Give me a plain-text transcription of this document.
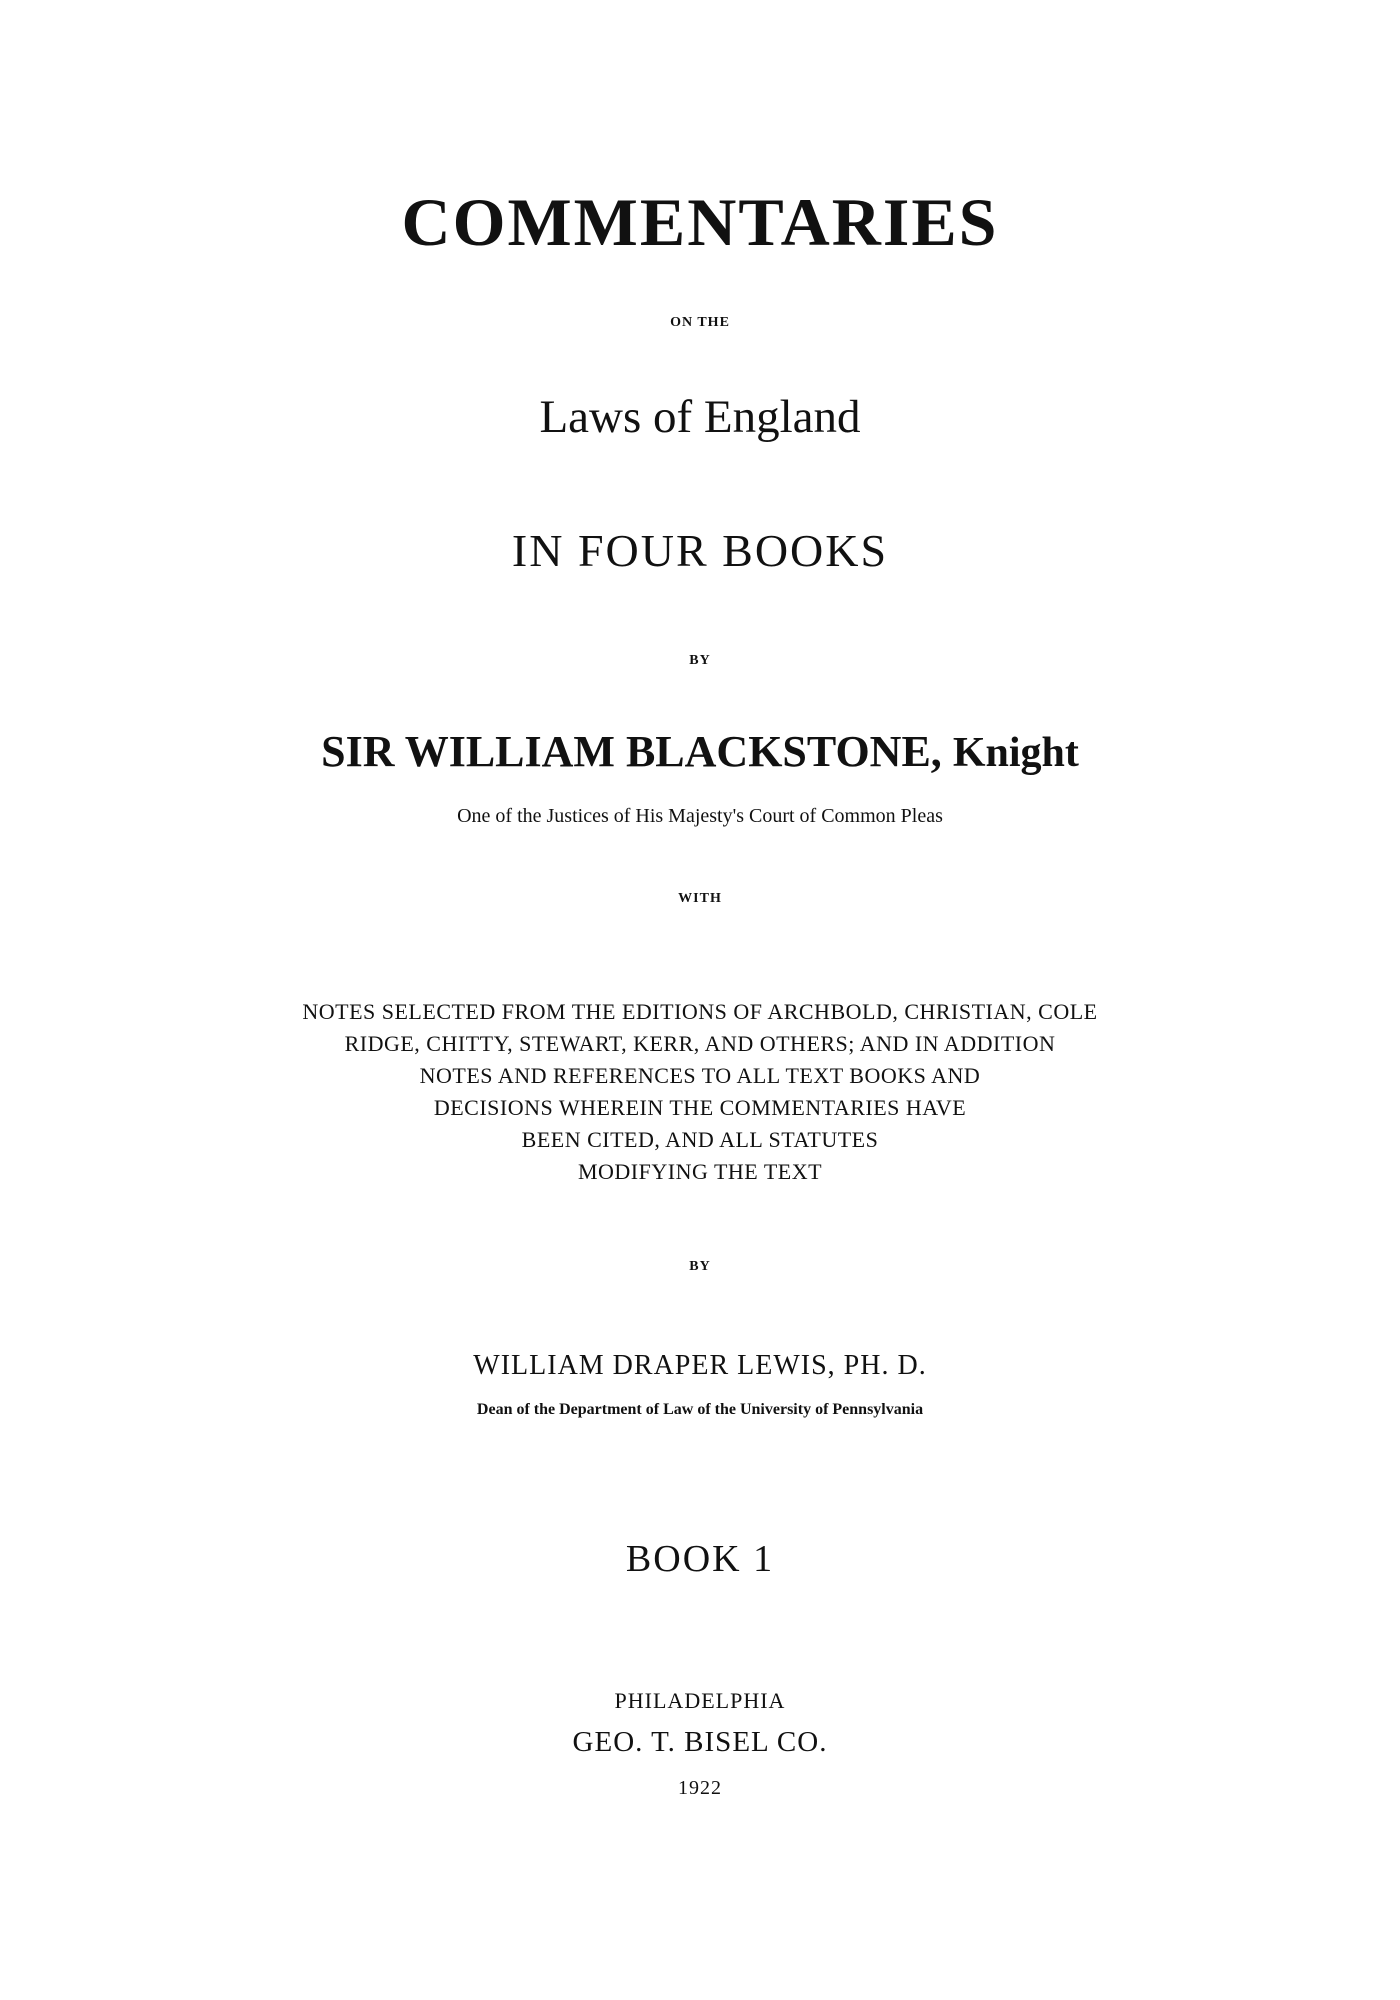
COMMENTARIES
ON THE
Laws of England
IN FOUR BOOKS
BY
SIR WILLIAM BLACKSTONE, Knight
One of the Justices of His Majesty's Court of Common Pleas
WITH
NOTES SELECTED FROM THE EDITIONS OF ARCHBOLD, CHRISTIAN, COLE
RIDGE, CHITTY, STEWART, KERR, AND OTHERS; AND IN ADDITION
NOTES AND REFERENCES TO ALL TEXT BOOKS AND
DECISIONS WHEREIN THE COMMENTARIES HAVE
BEEN CITED, AND ALL STATUTES
MODIFYING THE TEXT
BY
WILLIAM DRAPER LEWIS, PH. D.
Dean of the Department of Law of the University of Pennsylvania
BOOK 1
PHILADELPHIA
GEO. T. BISEL CO.
1922
